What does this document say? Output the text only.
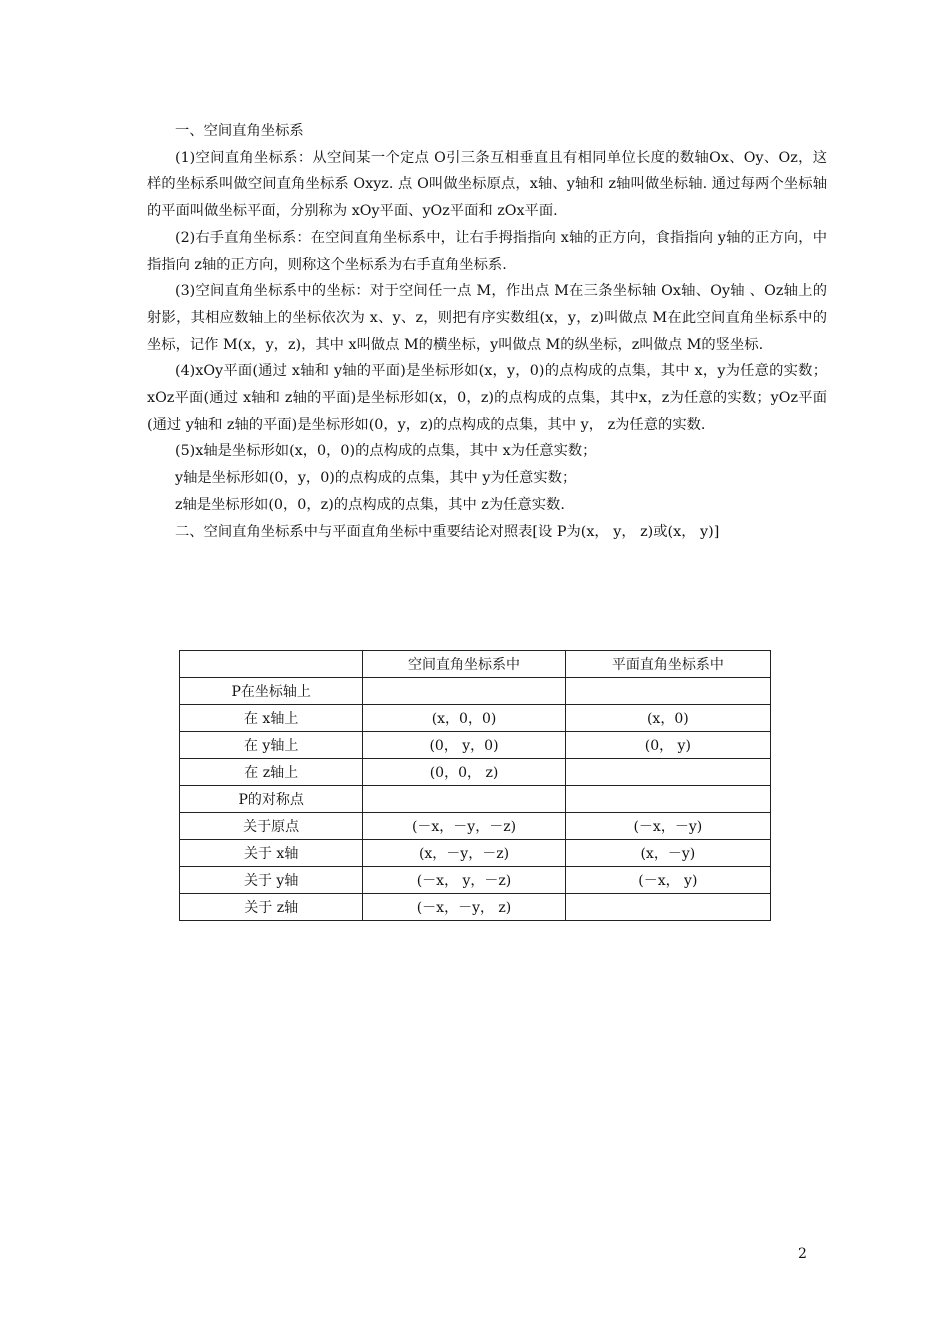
一、空间直角坐标系

(1)空间直角坐标系：从空间某一个定点 O引三条互相垂直且有相同单位长度的数轴Ox、Oy、Oz，这样的坐标系叫做空间直角坐标系 Oxyz. 点 O叫做坐标原点，x轴、y轴和 z轴叫做坐标轴. 通过每两个坐标轴的平面叫做坐标平面，分别称为 xOy平面、yOz平面和 zOx平面.

(2)右手直角坐标系：在空间直角坐标系中，让右手拇指指向 x轴的正方向，食指指向 y轴的正方向，中指指向 z轴的正方向，则称这个坐标系为右手直角坐标系.

(3)空间直角坐标系中的坐标：对于空间任一点 M，作出点 M在三条坐标轴 Ox轴、Oy轴 、Oz轴上的射影，其相应数轴上的坐标依次为 x、y、z，则把有序实数组(x，y，z)叫做点 M在此空间直角坐标系中的坐标，记作 M(x，y，z)，其中 x叫做点 M的横坐标，y叫做点 M的纵坐标，z叫做点 M的竖坐标.

(4)xOy平面(通过 x轴和 y轴的平面)是坐标形如(x，y，0)的点构成的点集，其中 x，y为任意的实数；xOz平面(通过 x轴和 z轴的平面)是坐标形如(x，0，z)的点构成的点集，其中x，z为任意的实数；yOz平面(通过 y轴和 z轴的平面)是坐标形如(0，y，z)的点构成的点集，其中 y， z为任意的实数.

(5)x轴是坐标形如(x，0，0)的点构成的点集，其中 x为任意实数；

y轴是坐标形如(0，y，0)的点构成的点集，其中 y为任意实数；

z轴是坐标形如(0，0，z)的点构成的点集，其中 z为任意实数.

二、空间直角坐标系中与平面直角坐标中重要结论对照表[设 P为(x， y， z)或(x， y)]

	空间直角坐标系中	平面直角坐标系中
P在坐标轴上		
在 x轴上	(x，0，0)	(x，0)
在 y轴上	(0， y，0)	(0， y)
在 z轴上	(0，0， z)	
P的对称点		
关于原点	(－x，－y，－z)	(－x，－y)
关于 x轴	(x，－y，－z)	(x，－y)
关于 y轴	(－x， y，－z)	(－x， y)
关于 z轴	(－x，－y， z)	
2
